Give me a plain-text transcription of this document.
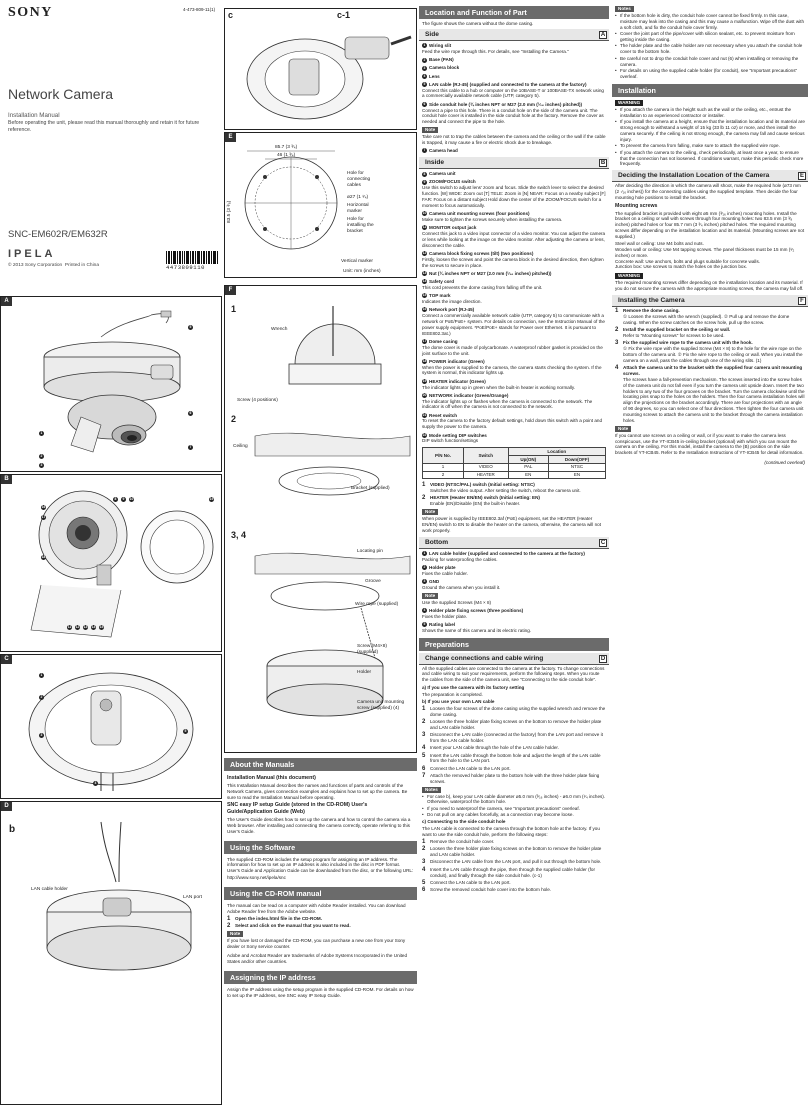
SONY	4-473-809-11(1)
Network Camera
Installation Manual
Before operating the unit, please read this manual thoroughly and retain it for future reference.
SNC-EM602R/EM632R
IPELA
© 2013 Sony Corporation Printed in China	4473809110
A
5
1
6
7
2
3
B
8	9	10
11 12 13 14 15
16
17
18
19
C
1
2
3
4
5
D
b
LAN cable holder
LAN port
c	c-1
E
85.7 (3 ³⁄₄)
46 (1 ³⁄₄)
83.5 (3 ³⁄₈)
Hole for connecting cables
ø27 (1 ¹⁄₄)
Horizontal marker
Hole for installing the bracket
Vertical marker
Unit: mm (inches)
F
1
2
3, 4
Wrench
Screw (4 positions)
Ceiling
Bracket (supplied)
Locating pin
Groove
Wire rope (supplied)
Screw (M4×8) (supplied)
Holder
Camera unit mounting screw (supplied) (4)
About the Manuals
Installation Manual (this document)

This Installation Manual describes the names and functions of parts and controls of the Network Camera, gives connection examples and explains how to set up the camera. Be sure to read the Installation Manual before operating.

SNC easy IP setup Guide (stored in the CD-ROM) User's Guide/Application Guide (Web)

The User's Guide describes how to set up the camera and how to control the camera via a Web browser. After installing and connecting the camera correctly, operate referring to this User's Guide.

Using the Software

The supplied CD-ROM includes the setup program for assigning an IP address. The information for how to set up an IP address is also included in the disc in PDF format. User's Guide and Application Guide can be downloaded from the disc, or the following URL:

http://www.sony.net/ipela/snc

Using the CD-ROM manual

The manual can be read on a computer with Adobe Reader installed. You can download Adobe Reader free from the Adobe website.

1	Open the index.html file in the CD-ROM.
2	Select and click on the manual that you want to read.
Note

If you have lost or damaged the CD-ROM, you can purchase a new one from your Sony dealer or Sony service counter.

Adobe and Acrobat Reader are trademarks of Adobe Systems Incorporated in the United States and/or other countries.

Assigning the IP address

Assign the IP address using the setup program in the supplied CD-ROM. For details on how to set up the IP address, see SNC easy IP Setup Guide.

Location and Function of Part
The figure shows the camera without the dome casing.
Side	A
1 Wiring slit
Feed the wire rope through this. For details, see "Installing the Camera."
2 Base (PAN)
3 Camera block
4 Lens
5 LAN cable (RJ-45) (supplied and connected to the camera at the factory)
Connect this cable to a hub or computer on the 10BASE-T or 100BASE-TX network using a commercially available network cable (UTP, category 5).
6 Side conduit hole (¾ inches NPT or M27 (2.0 mm (¹⁄₁₆ inches) pitched))
Connect a pipe to this hole. There is a conduit hole on the side of the camera unit. The conduit hole cover is installed in the side conduit hole at the factory. Remove the cover as needed and connect the pipe to the hole.
Note

Take care not to trap the cables between the camera and the ceiling or the wall if the cable is trapped, it may cause a fire or electric shock due to breakage.

7 Camera head
Inside	B
8 Camera unit
9 ZOOM/FOCUS switch
Use this switch to adjust lens' zoom and focus. Slide the switch lever to select the desired function. [W] WIDE: Zoom out [T] TELE: Zoom in [N] NEAR: Focus on a nearby subject [F] FAR: Focus on a distant subject Hold down the center of the ZOOM/FOCUS switch for a moment to focus automatically.
10 Camera unit mounting screws (four positions)
Make sure to tighten the screws securely when installing the camera.
11 MONITOR output jack
Connect this jack to a video input connector of a video monitor. You can adjust the camera or lens while looking at the image on the video monitor. After adjusting the camera or lens, disconnect the cable.
12 Camera block fixing screws (tilt) (two positions)
Firstly, loosen the screws and point the camera block in the desired direction, then tighten the screws to secure in place.
13 Nut (¾ inches NPT or M27 (2.0 mm (¹⁄₁₆ inches) pitched))
14 Safety cord
This cord prevents the dome casing from falling off the unit.
15 TOP mark
Indicates the image direction.
16 Network port (RJ-45)
Connect a commercially available network cable (UTP, category 5) to communicate with a network or PoE/PoE+ system. For details on connection, see the Instruction Manual of the power supply equipment. *PoE/PoE+ stands for Power over Ethernet. It is pursuant to IEEE802.3at.)
17 Dome casing
The dome cover is made of polycarbonate. A waterproof rubber gasket is provided on the joint surface to the unit.
18 POWER indicator (Green)
When the power is supplied to the camera, the camera starts checking the system. If the system is normal, this indicator lights up.
19 HEATER indicator (Green)
The indicator lights up in green when the built-in heater is working normally.
20 NETWORK indicator (Green/Orange)
The indicator lights up or flashes when the camera is connected to the network. The indicator is off when the camera is not connected to the network.
21 Reset switch
To reset the camera to the factory default settings, hold down this switch with a point and supply the power to the camera.
22 Mode setting DIP switches
DIP switch function/settings
P/N No.	Switch	Location	
		Up(ON)	Down(OFF)
1	VIDEO	PAL	NTSC
2	HEATER	EN	EN
1	VIDEO (NTSC/PAL) switch (Initial setting: NTSC)
Switches the video output. After setting the switch, reboot the camera unit.
2	HEATER (Heater EN/EN) switch (Initial setting: EN)
Enable (EN)/Disable (EN) the built-in heater.
Note

When power is supplied by IEEE802.3af (PoE) equipment, set the HEATER (Heater EN/EN) switch to EN to disable the heater on the camera, otherwise, the camera will not work properly.

Bottom	C
1 LAN cable holder (supplied and connected to the camera at the factory)
Packing for waterproofing the cables.
2 Holder plate
Fixes the cable holder.
3 GND
Ground the camera when you install it.
Note

Use the supplied Screws (M4 × 8)

4 Holder plate fixing screws (three positions)
Fixes the holder plate.
5 Rating label
Shows the name of this camera and its electric rating.
Preparations
Change connections and cable wiring	D

All the supplied cables are connected to the camera at the factory. To change connections and cable wiring to suit your requirements, perform the following steps. When you route the cables from the side of the camera unit, see "Connecting to the side conduit hole".

a) If you use the camera with its factory setting

The preparation is completed.

b) If you use your own LAN cable
1	Loosen the four screws of the dome casing using the supplied wrench and remove the dome casing.
2	Loosen the three holder plate fixing screws on the bottom to remove the holder plate and LAN cable holder.
3	Disconnect the LAN cable (connected at the factory) from the LAN port and remove it from the LAN cable holder.
4	Insert your LAN cable through the hole of the LAN cable holder.
5	Insert the LAN cable through the bottom hole and adjust the length of the LAN cable from the hole to the LAN port.
6	Connect the LAN cable to the LAN port.
7	Attach the removed holder plate to the bottom hole with the three holder plate fixing screws.
Notes
• For case b), keep your LAN cable diameter ø5.0 mm (³⁄₁₆ inches) - ø6.0 mm (¹⁄₄ inches). Otherwise, waterproof the bottom hole.
• If you need to waterproof the camera, see "Important precautions" overleaf.
• Do not pull on any cables forcefully, as a connection may become loose.
c) Connecting to the side conduit hole

The LAN cable is connected to the camera through the bottom hole at the factory. If you want to use the side conduit hole, perform the following steps:

1	Remove the conduit hole cover.
2	Loosen the three holder plate fixing screws on the bottom to remove the holder plate and LAN cable holder.
3	Disconnect the LAN cable from the LAN port, and pull it out through the bottom hole.
4	Insert the LAN cable through the pipe, then through the supplied cable holder (for conduit), and finally through the side conduit hole. (c-1)
5	Connect the LAN cable to the LAN port.
6	Screw the removed conduit hole cover into the bottom hole.
Notes
• If the bottom hole is dirty, the conduit hole cover cannot be fixed firmly. In this case, moisture may leak into the casing and this may cause a malfunction. Wipe off the dust with a soft cloth, and fix the conduit hole cover firmly.
• Cover the joint part of the pipe/cover with silicon sealant, etc. to prevent moisture from getting inside the casing.
• The holder plate and the cable holder are not necessary when you attach the conduit hole cover to the bottom hole.
• Be careful not to drop the conduit hole cover and nut (6) when installing or removing the camera.
• For details on using the supplied cable holder (for conduit), see "Important precautions" overleaf.
Installation
WARNING
• If you attach the camera in the height such as the wall or the ceiling, etc., entrust the installation to an experienced contractor or installer.
• If you install the camera at a height, ensure that the installation location and its material are strong enough to withstand a weight of 15 kg (33 lb 11 oz) or more, and then install the camera securely. If the ceiling is not strong enough, the camera may fall and cause serious injury.
• To prevent the camera from falling, make sure to attach the supplied wire rope.
• If you attach the camera to the ceiling, check periodically, at least once a year, to ensure that the connection has not loosened. If conditions warrant, make this periodic check more frequently.
Deciding the Installation Location of the Camera	E

After deciding the direction in which the camera will shoot, make the required hole (ø73 mm (2 ·⁄₁₆ inches)) for the connecting cables using the supplied template. Then decide the four mounting hole positions to install the bracket.

Mounting screws

The supplied bracket is provided with eight ø5 mm (³⁄₁₆ inches) mounting holes. Install the bracket on a ceiling or wall with screws through four mounting holes: two 83.5 mm (3 ³⁄₈ inches) pitched holes or four 85.7 mm (3 ³⁄₄ inches) pitched holes. The required mounting screws differ depending on the installation location and its material. (Mounting screws are not supplied.)

Steel wall or ceiling: Use M4 bolts and nuts.
Wooden wall or ceiling: Use M4 tapping screws. The panel thickness must be 15 mm (¹⁄₂ inches) or more.
Concrete wall: Use anchors, bolts and plugs suitable for concrete walls.
Junction box: Use screws to match the holes on the junction box.
WARNING

The required mounting screws differ depending on the installation location and its material. If you do not secure the camera with the appropriate mounting screws, the camera may fall off.

Installing the Camera	F
1	Remove the dome casing.
① Loosen the screws with the wrench (supplied). ② Pull up and remove the dome casing. When the screw catches on the screw hole, pull up the screw.
2	Install the supplied bracket on the ceiling or wall.
Refer to "Mounting screws" for screws to be used.
3	Fix the supplied wire rope to the camera unit with the hook.
① Fix the wire rope with the supplied Screw (M4 × 8) to the hole for the wire rope on the bottom of the camera unit. ② Fix the wire rope to the ceiling or wall. When you install the camera on a wall, pass the cables through one of the wiring slits. (1)
4	Attach the camera unit to the bracket with the supplied four camera unit mounting screws.
The screws have a fall-prevention mechanism. The screws inserted into the screw holes of the camera unit do not fall even if you turn the camera unit upside down. Insert the two holders to any two of the four grooves on the bracket. Turn the camera clockwise until the locating pins snap to the holes on the holders. Then the four camera installation holes will align the projections on the bracket accordingly. There are four projections with an angle of 90 degrees, so you can select one of four directions. Then tighten the four camera unit mounting screws to attach the camera unit to the bracket through the camera installation holes.
Note

If you cannot use screws on a ceiling or wall, or if you want to make the camera less conspicuous, use the YT-ICB45 in-ceiling bracket (optional) with which you can mount the camera on the ceiling. For this model, install the camera to the (B) position on the side brackets of YT-ICB45. Refer to the Installation Instructions of YT-ICB45 for detail information.

(continued overleaf)
